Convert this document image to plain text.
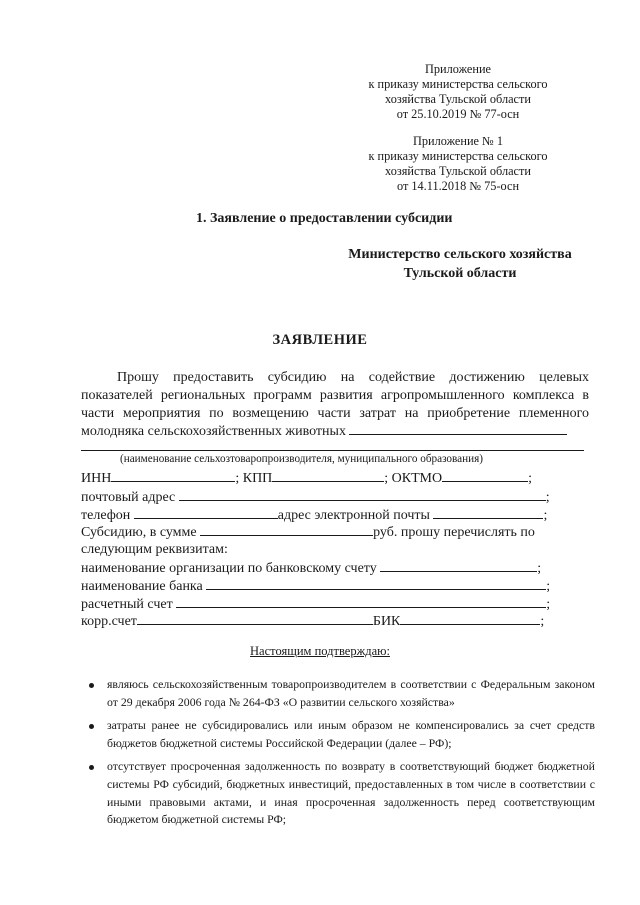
Приложение
к приказу министерства сельского
хозяйства Тульской области
от 25.10.2019 № 77-осн
Приложение № 1
к приказу министерства сельского
хозяйства Тульской области
от 14.11.2018 № 75-осн
1. Заявление о предоставлении субсидии
Министерство сельского хозяйства
Тульской области
ЗАЯВЛЕНИЕ
Прошу предоставить субсидию на содействие достижению целевых показателей региональных программ развития агропромышленного комплекса в части мероприятия по возмещению части затрат на приобретение племенного молодняка сельскохозяйственных животных
(наименование сельхозтоваропроизводителя, муниципального образования)
ИНН	; КПП	; ОКТМО	;
почтовый адрес	;
телефон	адрес электронной почты	;
Субсидию, в сумме	руб. прошу перечислять по
следующим реквизитам:
наименование организации по банковскому счету	;
наименование банка	;
расчетный счет	;
корр.счет	БИК	;
Настоящим подтверждаю:
являюсь сельскохозяйственным товаропроизводителем в соответствии с Федеральным законом от 29 декабря 2006 года № 264-ФЗ «О развитии сельского хозяйства»
затраты ранее не субсидировались или иным образом не компенсировались за счет средств бюджетов бюджетной системы Российской Федерации (далее – РФ);
отсутствует просроченная задолженность по возврату в соответствующий бюджет бюджетной системы РФ субсидий, бюджетных инвестиций, предоставленных в том числе в соответствии с иными правовыми актами, и иная просроченная задолженность перед соответствующим бюджетом бюджетной системы РФ;
